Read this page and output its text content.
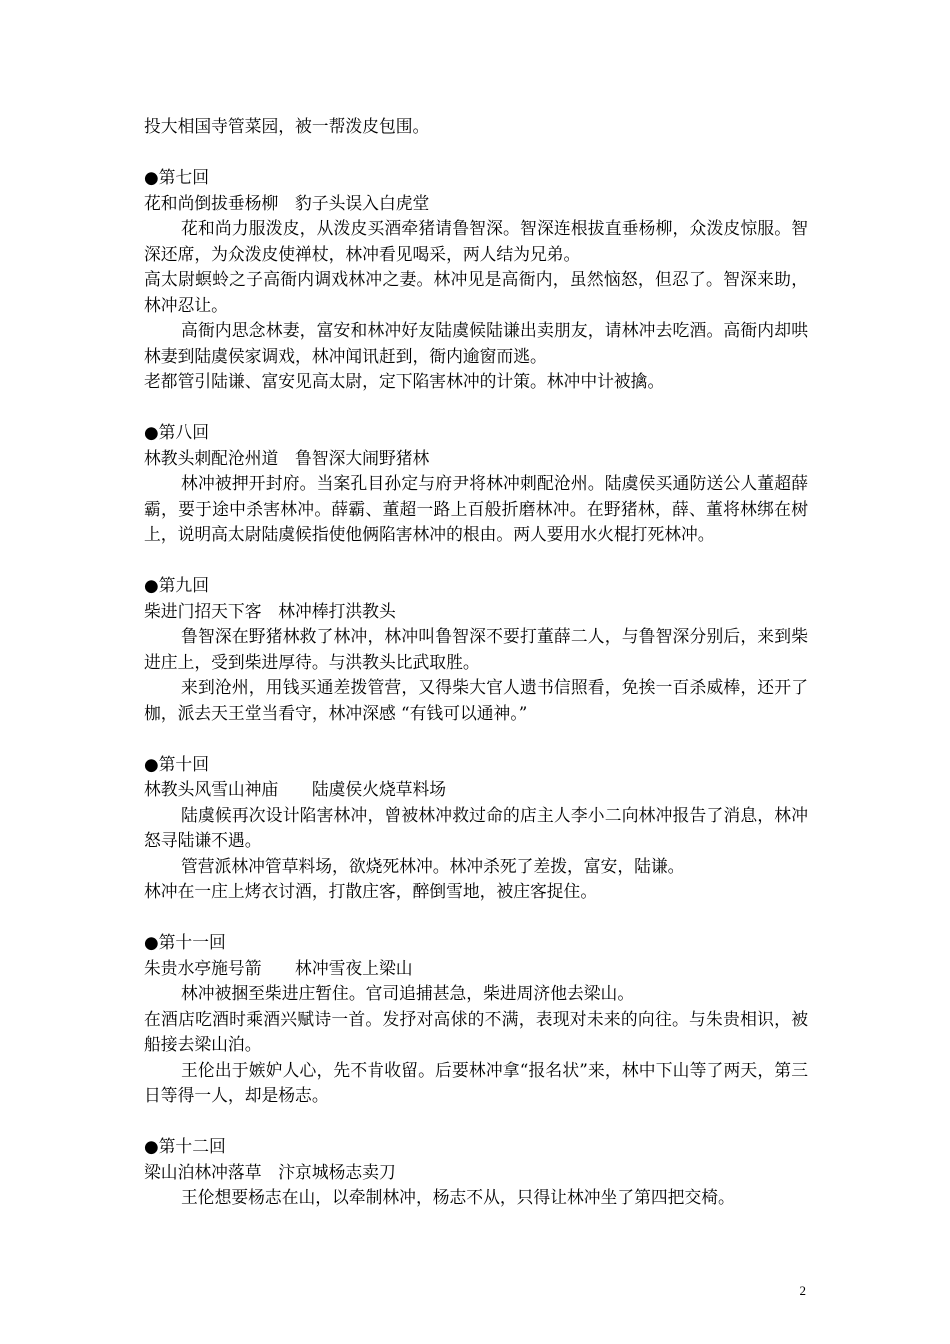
投大相国寺管菜园，被一帮泼皮包围。
●第七回
花和尚倒拔垂杨柳　豹子头误入白虎堂
花和尚力服泼皮，从泼皮买酒牵猪请鲁智深。智深连根拔直垂杨柳，众泼皮惊服。智深还席，为众泼皮使禅杖，林冲看见喝采，两人结为兄弟。
高太尉螟蛉之子高衙内调戏林冲之妻。林冲见是高衙内，虽然恼怒，但忍了。智深来助，林冲忍让。
高衙内思念林妻，富安和林冲好友陆虞候陆谦出卖朋友，请林冲去吃酒。高衙内却哄林妻到陆虞侯家调戏，林冲闻讯赶到，衙内逾窗而逃。
老都管引陆谦、富安见高太尉，定下陷害林冲的计策。林冲中计被擒。
●第八回
林教头刺配沧州道　鲁智深大闹野猪林
林冲被押开封府。当案孔目孙定与府尹将林冲刺配沧州。陆虞侯买通防送公人董超薛霸，要于途中杀害林冲。薛霸、董超一路上百般折磨林冲。在野猪林，薛、董将林绑在树上，说明高太尉陆虞候指使他俩陷害林冲的根由。两人要用水火棍打死林冲。
●第九回
柴进门招天下客　林冲棒打洪教头
鲁智深在野猪林救了林冲，林冲叫鲁智深不要打董薛二人，与鲁智深分别后，来到柴进庄上，受到柴进厚待。与洪教头比武取胜。
来到沧州，用钱买通差拨管营，又得柴大官人遗书信照看，免挨一百杀威棒，还开了枷，派去天王堂当看守，林冲深感 “有钱可以通神。”
●第十回
林教头风雪山神庙　　陆虞侯火烧草料场
陆虞候再次设计陷害林冲，曾被林冲救过命的店主人李小二向林冲报告了消息，林冲怒寻陆谦不遇。
管营派林冲管草料场，欲烧死林冲。林冲杀死了差拨，富安，陆谦。
林冲在一庄上烤衣讨酒，打散庄客，醉倒雪地，被庄客捉住。
●第十一回
朱贵水亭施号箭　　林冲雪夜上梁山
林冲被捆至柴进庄暂住。官司追捕甚急，柴进周济他去梁山。
在酒店吃酒时乘酒兴赋诗一首。发抒对高俅的不满，表现对未来的向往。与朱贵相识，被船接去梁山泊。
王伦出于嫉妒人心，先不肯收留。后要林冲拿“报名状”来，林中下山等了两天，第三日等得一人，却是杨志。
●第十二回
梁山泊林冲落草　汴京城杨志卖刀
王伦想要杨志在山，以牵制林冲，杨志不从，只得让林冲坐了第四把交椅。
2
